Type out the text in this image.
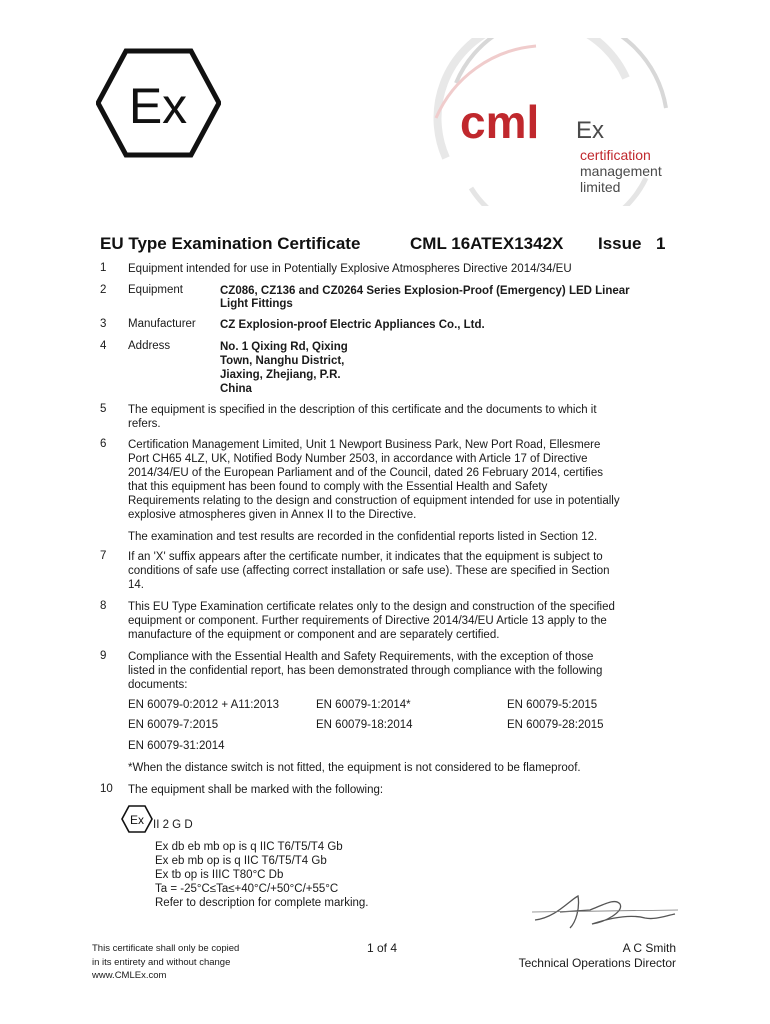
Ex	cml Ex
certification
management
limited
EU Type Examination Certificate	CML 16ATEX1342X Issue 1
1 Equipment intended for use in Potentially Explosive Atmospheres Directive 2014/34/EU
2 Equipment	CZ086, CZ136 and CZ0264 Series Explosion-Proof (Emergency) LED Linear
Light Fittings
3 Manufacturer CZ Explosion-proof Electric Appliances Co., Ltd.
4 Address	No. 1 Qixing Rd, Qixing
Town, Nanghu District,
Jiaxing, Zhejiang, P.R.
China
5 The equipment is specified in the description of this certificate and the documents to which it
refers.
6 Certification Management Limited, Unit 1 Newport Business Park, New Port Road, Ellesmere
Port CH65 4LZ, UK, Notified Body Number 2503, in accordance with Article 17 of Directive
2014/34/EU of the European Parliament and of the Council, dated 26 February 2014, certifies
that this equipment has been found to comply with the Essential Health and Safety
Requirements relating to the design and construction of equipment intended for use in potentially
explosive atmospheres given in Annex II to the Directive.
The examination and test results are recorded in the confidential reports listed in Section 12.
7 If an 'X' suffix appears after the certificate number, it indicates that the equipment is subject to
conditions of safe use (affecting correct installation or safe use). These are specified in Section
14.
8 This EU Type Examination certificate relates only to the design and construction of the specified
equipment or component. Further requirements of Directive 2014/34/EU Article 13 apply to the
manufacture of the equipment or component and are separately certified.
9 Compliance with the Essential Health and Safety Requirements, with the exception of those
listed in the confidential report, has been demonstrated through compliance with the following
documents:
EN 60079-0:2012 + A11:2013	EN 60079-1:2014*	EN 60079-5:2015
EN 60079-7:2015	EN 60079-18:2014	EN 60079-28:2015
EN 60079-31:2014
*When the distance switch is not fitted, the equipment is not considered to be flameproof.
10 The equipment shall be marked with the following:
Ex II 2 G D
Ex db eb mb op is q IIC T6/T5/T4 Gb
Ex eb mb op is q IIC T6/T5/T4 Gb
Ex tb op is IIIC T80°C Db
Ta = -25°C≤Ta≤+40°C/+50°C/+55°C
Refer to description for complete marking.
This certificate shall only be copied
in its entirety and without change
www.CMLEx.com
1 of 4	A C Smith
Technical Operations Director
